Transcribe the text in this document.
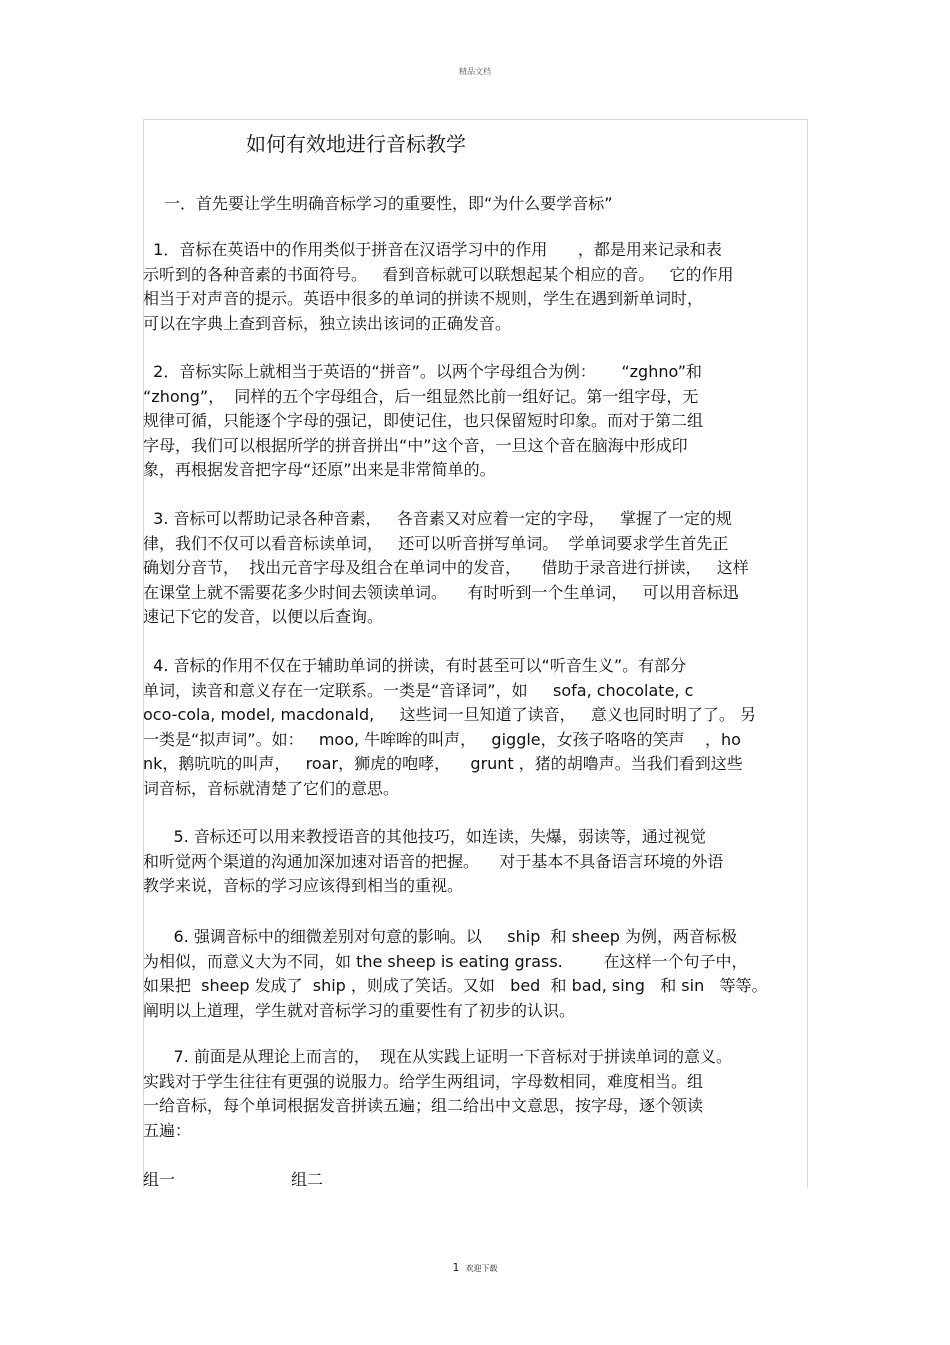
精品文档
如何有效地进行音标教学
一．首先要让学生明确音标学习的重要性，即“为什么要学音标”
1．音标在英语中的作用类似于拼音在汉语学习中的作用      ，都是用来记录和表
示听到的各种音素的书面符号。   看到音标就可以联想起某个相应的音。   它的作用
相当于对声音的提示。英语中很多的单词的拼读不规则，学生在遇到新单词时，
可以在字典上查到音标，独立读出该词的正确发音。
2．音标实际上就相当于英语的“拼音”。以两个字母组合为例：     “zghno”和
“zhong”，  同样的五个字母组合，后一组显然比前一组好记。第一组字母，无
规律可循，只能逐个字母的强记，即使记住，也只保留短时印象。而对于第二组
字母，我们可以根据所学的拼音拼出“中”这个音，一旦这个音在脑海中形成印
象，再根据发音把字母“还原”出来是非常简单的。
3. 音标可以帮助记录各种音素，   各音素又对应着一定的字母，   掌握了一定的规
律，我们不仅可以看音标读单词，   还可以听音拼写单词。  学单词要求学生首先正
确划分音节，  找出元音字母及组合在单词中的发音，    借助于录音进行拼读，   这样
在课堂上就不需要花多少时间去领读单词。    有时听到一个生单词，   可以用音标迅
速记下它的发音，以便以后查询。
4. 音标的作用不仅在于辅助单词的拼读，有时甚至可以“听音生义”。有部分
单词，读音和意义存在一定联系。一类是“音译词”，如     sofa, chocolate, c
oco-cola, model, macdonald,     这些词一旦知道了读音，   意义也同时明了了。 另
一类是“拟声词”。如：   moo, 牛哞哞的叫声，   giggle，女孩子咯咯的笑声    ，ho
nk，鹅吭吭的叫声，   roar，狮虎的咆哮，    grunt ，猪的胡噜声。当我们看到这些
词音标，音标就清楚了它们的意思。
5. 音标还可以用来教授语音的其他技巧，如连读，失爆，弱读等，通过视觉
和听觉两个渠道的沟通加深加速对语音的把握。    对于基本不具备语言环境的外语
教学来说，音标的学习应该得到相当的重视。
6. 强调音标中的细微差别对句意的影响。以     ship  和 sheep 为例，两音标极
为相似，而意义大为不同，如 the sheep is eating grass.        在这样一个句子中，
如果把  sheep 发成了  ship ，则成了笑话。又如   bed  和 bad, sing   和 sin   等等。
阐明以上道理，学生就对音标学习的重要性有了初步的认识。
7. 前面是从理论上而言的，  现在从实践上证明一下音标对于拼读单词的意义。
实践对于学生往往有更强的说服力。给学生两组词，字母数相同，难度相当。组
一给音标，每个单词根据发音拼读五遍；组二给出中文意思，按字母，逐个领读
五遍：
组一	组二
1 欢迎下载
